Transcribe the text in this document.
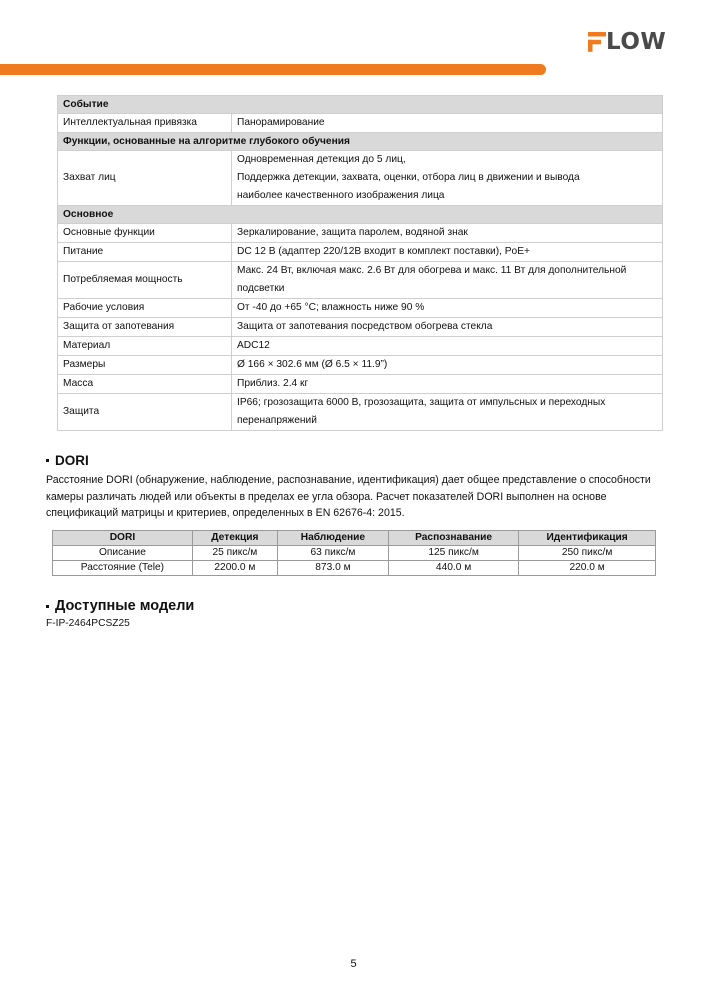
LOW
Событие	
Интеллектуальная привязка	Панорамирование

Функции, основанные на алгоритме глубокого обучения	
Захват лиц	Одновременная детекция до 5 лиц,
Поддержка детекции, захвата, оценки, отбора лиц в движении и вывода
наиболее качественного изображения лица

Основное	
Основные функции	Зеркалирование, защита паролем, водяной знак

Питание	DC 12 В (адаптер 220/12В входит в комплект поставки), PoE+

Потребляемая мощность	Макс. 24 Вт, включая макс. 2.6 Вт для обогрева и макс. 11 Вт для дополнительной
подсветки

Рабочие условия	От -40 до +65 °C; влажность ниже 90 %

Защита от запотевания	Защита от запотевания посредством обогрева стекла

Материал	ADC12

Размеры	Ø 166 × 302.6 мм (Ø 6.5 × 11.9”)

Масса	Приблиз. 2.4 кг

Защита	IP66; грозозащита 6000 В, грозозащита, защита от импульсных и переходных
перенапряжений
DORI
Расстояние DORI (обнаружение, наблюдение, распознавание, идентификация) дает общее представление о способности камеры различать людей или объекты в пределах ее угла обзора. Расчет показателей DORI выполнен на основе спецификаций матрицы и критериев, определенных в EN 62676-4: 2015.
DORI	Детекция	Наблюдение	Распознавание	Идентификация
Описание	25 пикс/м	63 пикс/м	125 пикс/м	250 пикс/м
Расстояние (Tele)	2200.0 м	873.0 м	440.0 м	220.0 м
Доступные модели
F-IP-2464PCSZ25
5
